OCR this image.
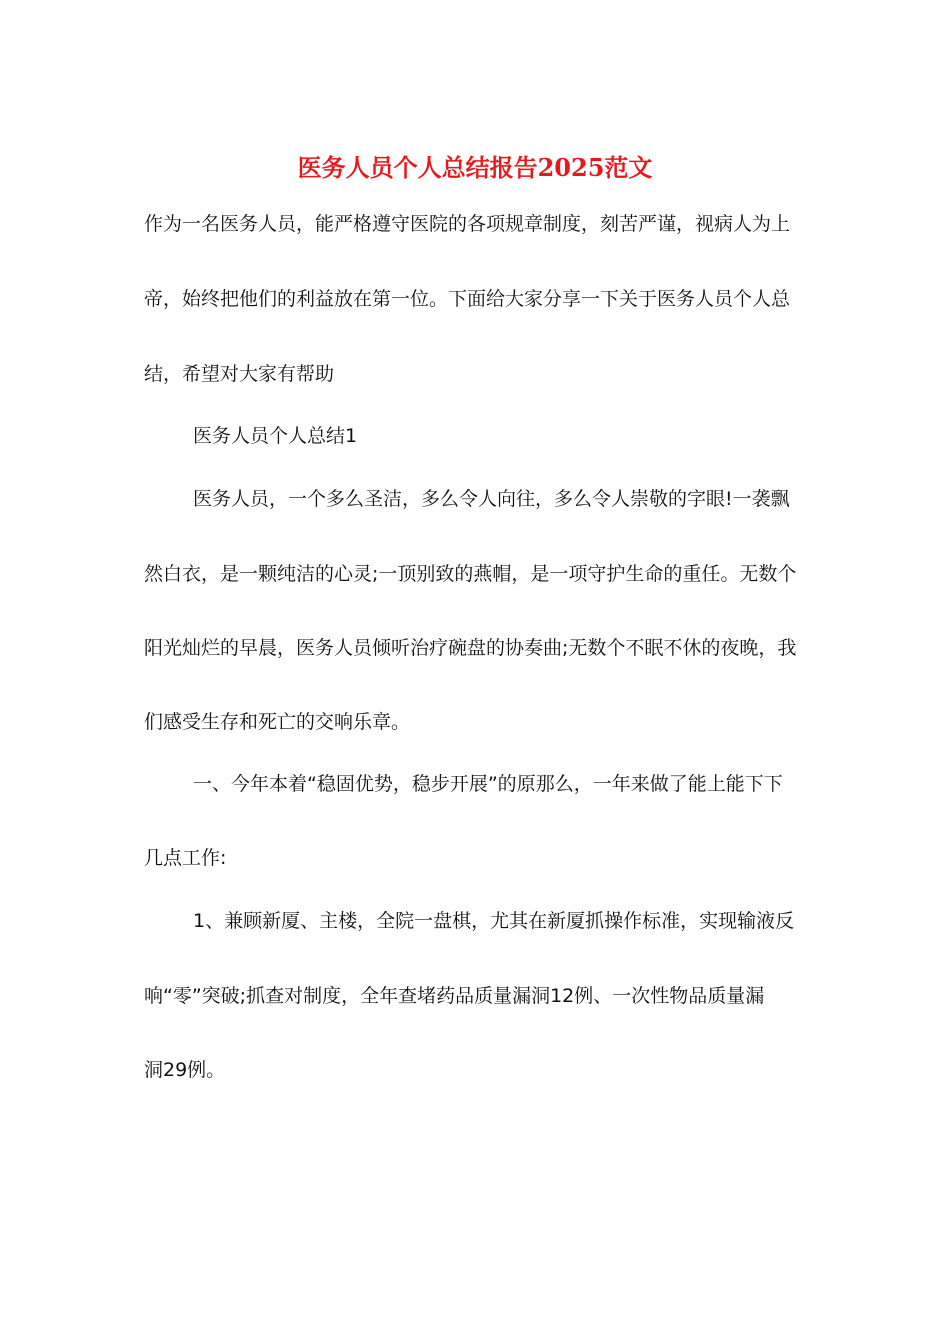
医务人员个人总结报告2025范文

作为一名医务人员，能严格遵守医院的各项规章制度，刻苦严谨，视病人为上

帝，始终把他们的利益放在第一位。下面给大家分享一下关于医务人员个人总

结，希望对大家有帮助

医务人员个人总结1

医务人员，一个多么圣洁，多么令人向往，多么令人崇敬的字眼!一袭飘

然白衣，是一颗纯洁的心灵;一顶别致的燕帽，是一项守护生命的重任。无数个

阳光灿烂的早晨，医务人员倾听治疗碗盘的协奏曲;无数个不眠不休的夜晚，我

们感受生存和死亡的交响乐章。

一、今年本着“稳固优势，稳步开展”的原那么，一年来做了能上能下下

几点工作:

1、兼顾新厦、主楼，全院一盘棋，尤其在新厦抓操作标准，实现输液反

响“零”突破;抓查对制度，全年查堵药品质量漏洞12例、一次性物品质量漏

洞29例。
